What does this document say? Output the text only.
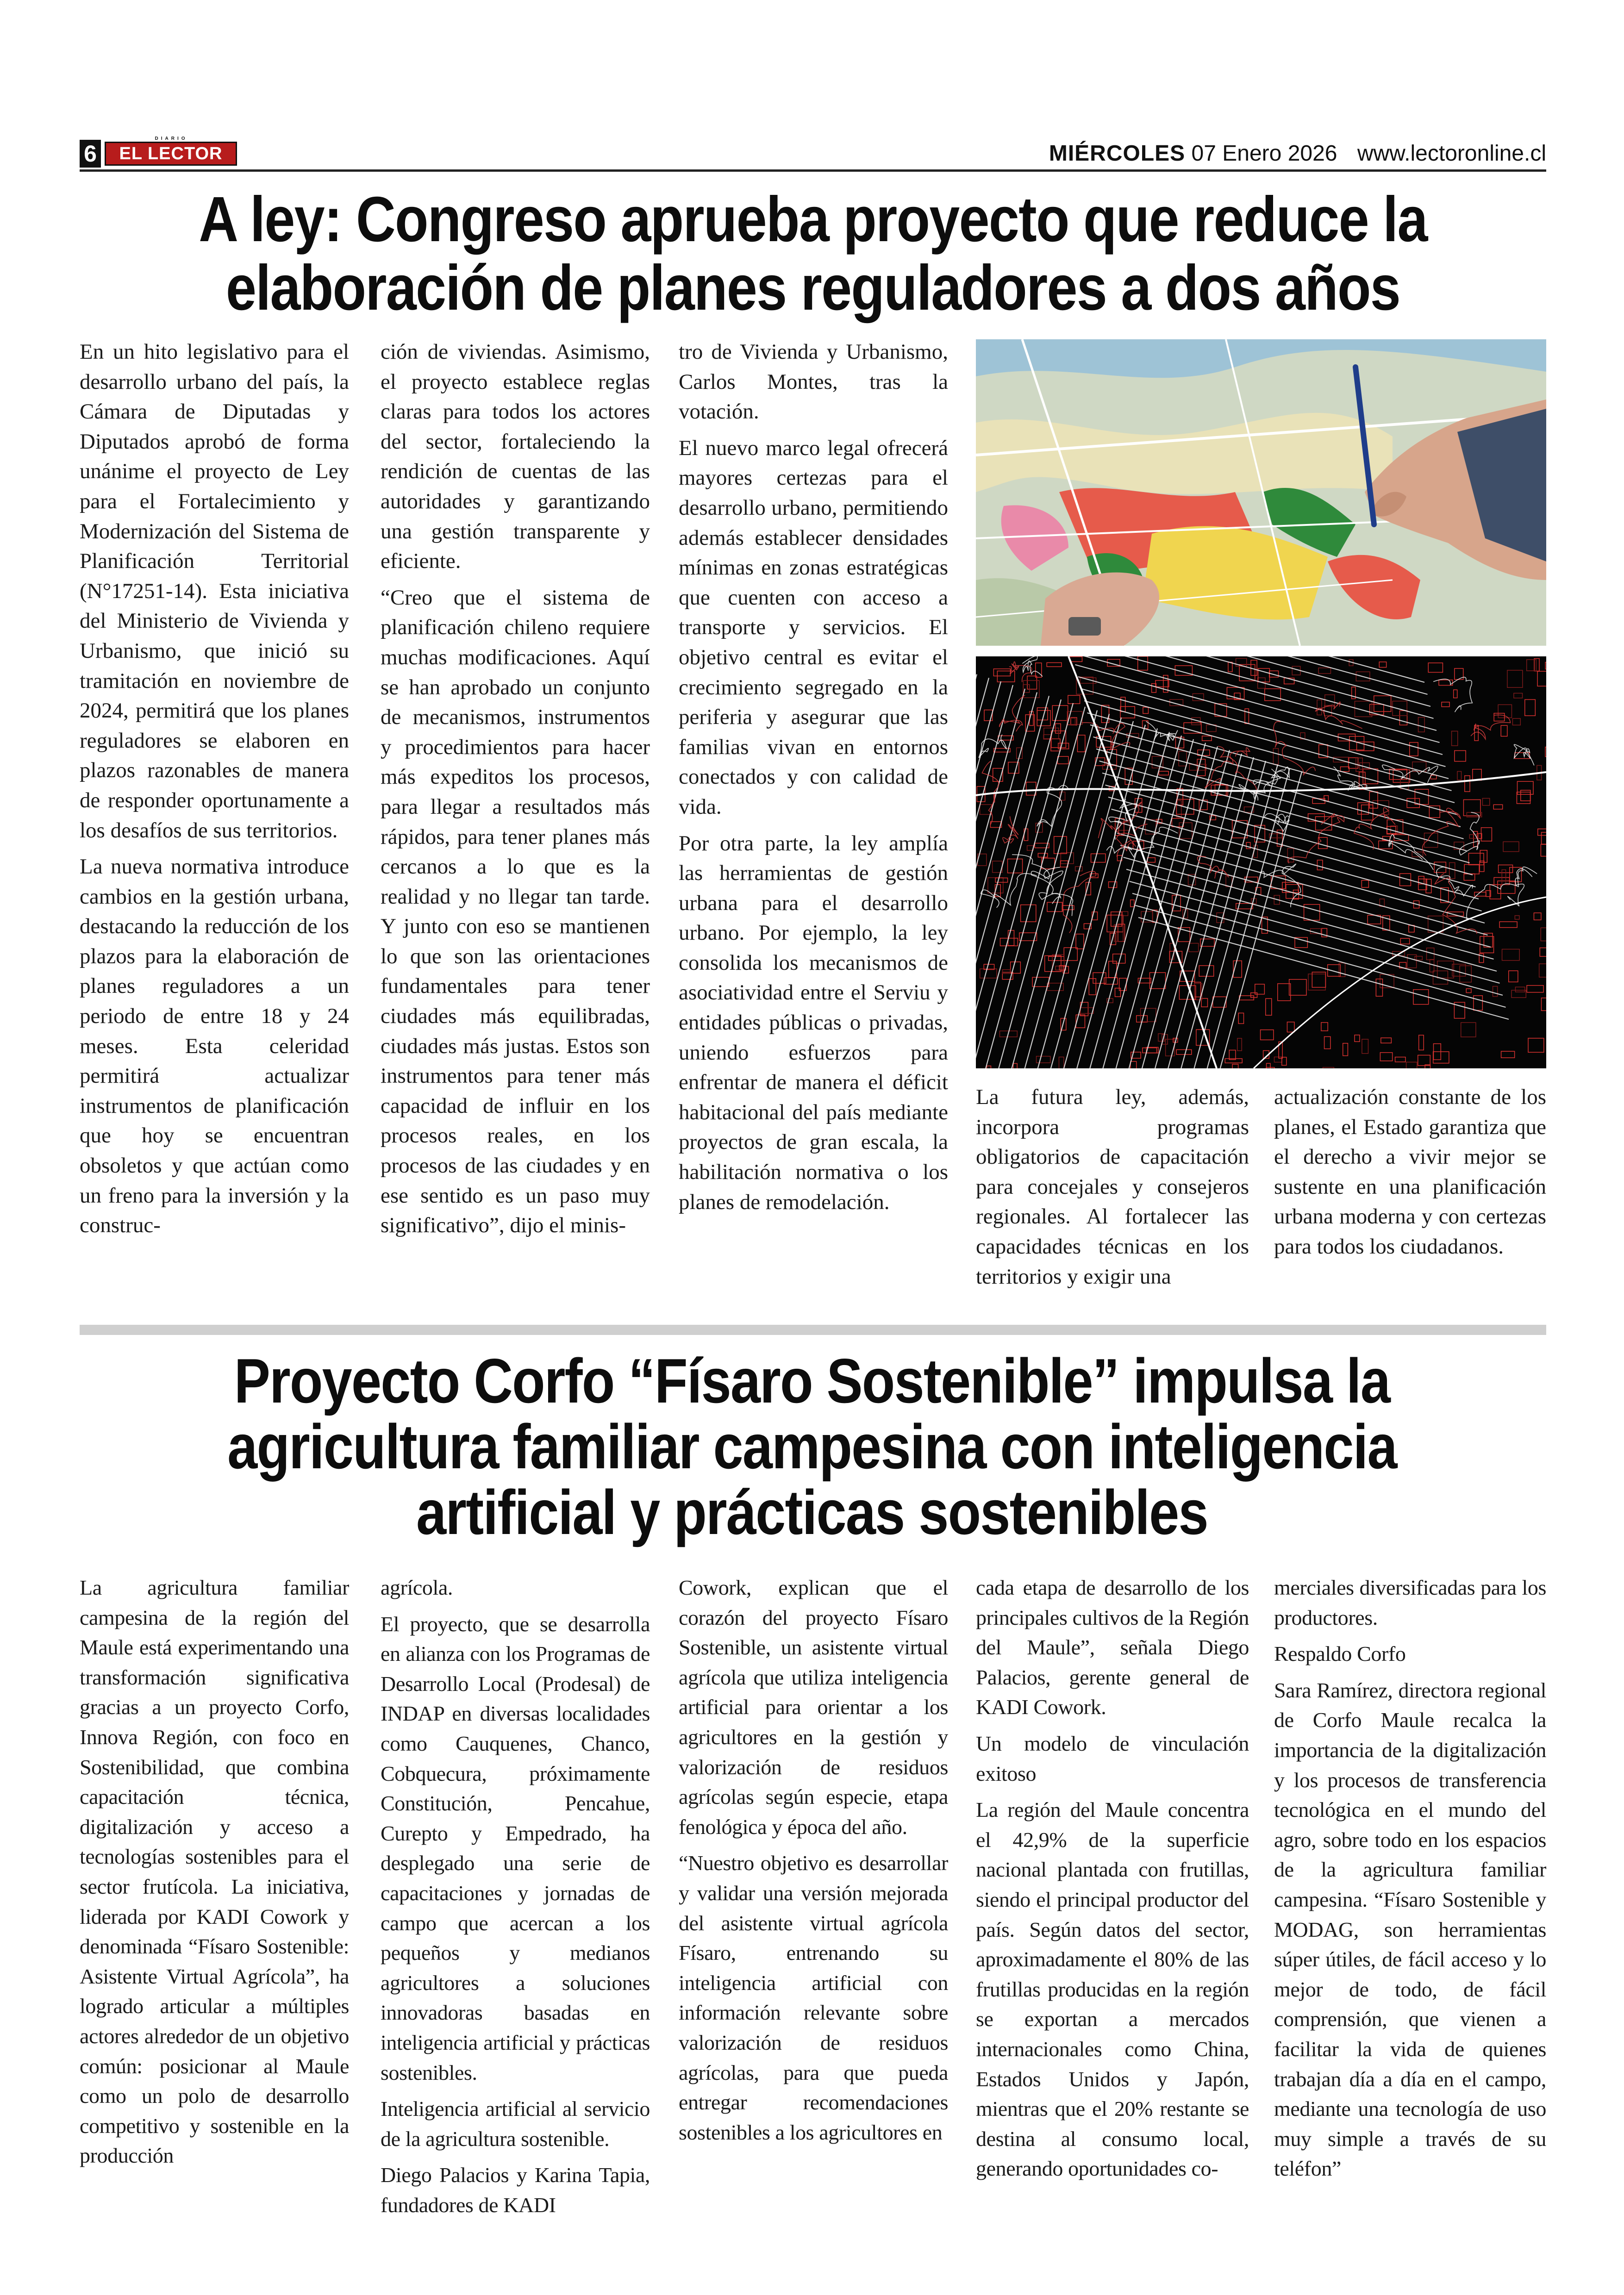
6
DIARIO
EL LECTOR	MIÉRCOLES 07 Enero 2026 www.lectoronline.cl
A ley: Congreso aprueba proyecto que reduce la elaboración de planes reguladores a dos años

En un hito legislativo para el desarrollo urbano del país, la Cámara de Diputadas y Diputados aprobó de forma unánime el proyecto de Ley para el Fortalecimiento y Modernización del Sistema de Planificación Territorial (N°17251-14). Esta iniciativa del Ministerio de Vivienda y Urbanismo, que inició su tramitación en noviembre de 2024, permitirá que los planes reguladores se elaboren en plazos razonables de manera de responder oportunamente a los desafíos de sus territorios.

La nueva normativa introduce cambios en la gestión urbana, destacando la reducción de los plazos para la elaboración de planes reguladores a un periodo de entre 18 y 24 meses. Esta celeridad permitirá actualizar instrumentos de planificación que hoy se encuentran obsoletos y que actúan como un freno para la inversión y la construc-

ción de viviendas. Asimismo, el proyecto establece reglas claras para todos los actores del sector, fortaleciendo la rendición de cuentas de las autoridades y garantizando una gestión transparente y eficiente.

“Creo que el sistema de planificación chileno requiere muchas modificaciones. Aquí se han aprobado un conjunto de mecanismos, instrumentos y procedimientos para hacer más expeditos los procesos, para llegar a resultados más rápidos, para tener planes más cercanos a lo que es la realidad y no llegar tan tarde. Y junto con eso se mantienen lo que son las orientaciones fundamentales para tener ciudades más equilibradas, ciudades más justas. Estos son instrumentos para tener más capacidad de influir en los procesos reales, en los procesos de las ciudades y en ese sentido es un paso muy significativo”, dijo el minis-

tro de Vivienda y Urbanismo, Carlos Montes, tras la votación.

El nuevo marco legal ofrecerá mayores certezas para el desarrollo urbano, permitiendo además establecer densidades mínimas en zonas estratégicas que cuenten con acceso a transporte y servicios. El objetivo central es evitar el crecimiento segregado en la periferia y asegurar que las familias vivan en entornos conectados y con calidad de vida.

Por otra parte, la ley amplía las herramientas de gestión urbana para el desarrollo urbano. Por ejemplo, la ley consolida los mecanismos de asociatividad entre el Serviu y entidades públicas o privadas, uniendo esfuerzos para enfrentar de manera el déficit habitacional del país mediante proyectos de gran escala, la habilitación normativa o los planes de remodelación.

La futura ley, además, incorpora programas obligatorios de capacitación para concejales y consejeros regionales. Al fortalecer las capacidades técnicas en los territorios y exigir una

actualización constante de los planes, el Estado garantiza que el derecho a vivir mejor se sustente en una planificación urbana moderna y con certezas para todos los ciudadanos.

Proyecto Corfo “Físaro Sostenible” impulsa la agricultura familiar campesina con inteligencia artificial y prácticas sostenibles

La agricultura familiar campesina de la región del Maule está experimentando una transformación significativa gracias a un proyecto Corfo, Innova Región, con foco en Sostenibilidad, que combina capacitación técnica, digitalización y acceso a tecnologías sostenibles para el sector frutícola. La iniciativa, liderada por KADI Cowork y denominada “Físaro Sostenible: Asistente Virtual Agrícola”, ha logrado articular a múltiples actores alrededor de un objetivo común: posicionar al Maule como un polo de desarrollo competitivo y sostenible en la producción

agrícola.

El proyecto, que se desarrolla en alianza con los Programas de Desarrollo Local (Prodesal) de INDAP en diversas localidades como Cauquenes, Chanco, Cobquecura, próximamente Constitución, Pencahue, Curepto y Empedrado, ha desplegado una serie de capacitaciones y jornadas de campo que acercan a los pequeños y medianos agricultores a soluciones innovadoras basadas en inteligencia artificial y prácticas sostenibles.

Inteligencia artificial al servicio de la agricultura sostenible.

Diego Palacios y Karina Tapia, fundadores de KADI

Cowork, explican que el corazón del proyecto Físaro Sostenible, un asistente virtual agrícola que utiliza inteligencia artificial para orientar a los agricultores en la gestión y valorización de residuos agrícolas según especie, etapa fenológica y época del año.

“Nuestro objetivo es desarrollar y validar una versión mejorada del asistente virtual agrícola Físaro, entrenando su inteligencia artificial con información relevante sobre valorización de residuos agrícolas, para que pueda entregar recomendaciones sostenibles a los agricultores en

cada etapa de desarrollo de los principales cultivos de la Región del Maule”, señala Diego Palacios, gerente general de KADI Cowork.

Un modelo de vinculación exitoso

La región del Maule concentra el 42,9% de la superficie nacional plantada con frutillas, siendo el principal productor del país. Según datos del sector, aproximadamente el 80% de las frutillas producidas en la región se exportan a mercados internacionales como China, Estados Unidos y Japón, mientras que el 20% restante se destina al consumo local, generando oportunidades co-

merciales diversificadas para los productores.

Respaldo Corfo

Sara Ramírez, directora regional de Corfo Maule recalca la importancia de la digitalización y los procesos de transferencia tecnológica en el mundo del agro, sobre todo en los espacios de la agricultura familiar campesina. “Físaro Sostenible y MODAG, son herramientas súper útiles, de fácil acceso y lo mejor de todo, de fácil comprensión, que vienen a facilitar la vida de quienes trabajan día a día en el campo, mediante una tecnología de uso muy simple a través de su teléfon”
